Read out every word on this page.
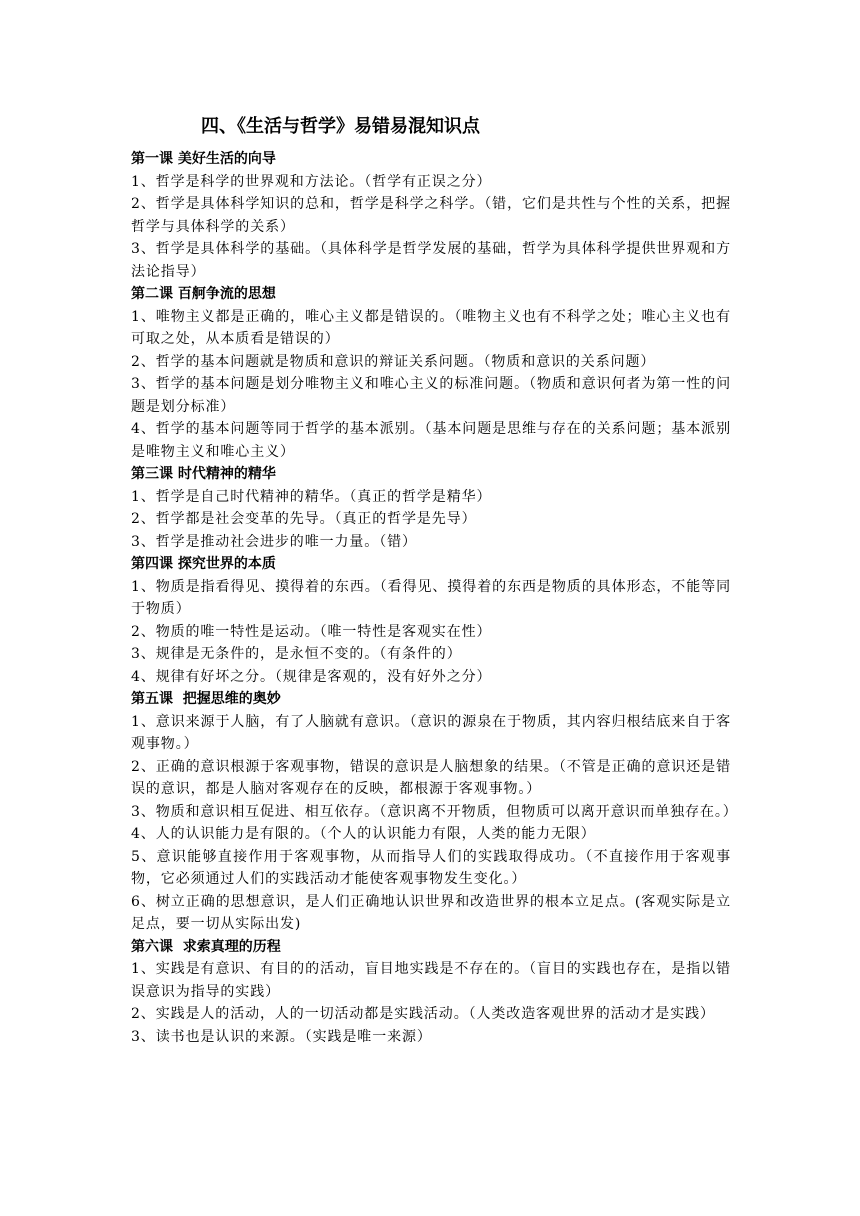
四、《生活与哲学》易错易混知识点
第一课 美好生活的向导
1、哲学是科学的世界观和方法论。（哲学有正误之分）
2、哲学是具体科学知识的总和，哲学是科学之科学。（错，它们是共性与个性的关系，把握哲学与具体科学的关系）
3、哲学是具体科学的基础。（具体科学是哲学发展的基础，哲学为具体科学提供世界观和方法论指导）
第二课 百舸争流的思想
1、唯物主义都是正确的，唯心主义都是错误的。（唯物主义也有不科学之处；唯心主义也有可取之处，从本质看是错误的）
2、哲学的基本问题就是物质和意识的辩证关系问题。（物质和意识的关系问题）
3、哲学的基本问题是划分唯物主义和唯心主义的标准问题。（物质和意识何者为第一性的问题是划分标准）
4、哲学的基本问题等同于哲学的基本派别。（基本问题是思维与存在的关系问题；基本派别是唯物主义和唯心主义）
第三课 时代精神的精华
1、哲学是自己时代精神的精华。（真正的哲学是精华）
2、哲学都是社会变革的先导。（真正的哲学是先导）
3、哲学是推动社会进步的唯一力量。（错）
第四课 探究世界的本质
1、物质是指看得见、摸得着的东西。（看得见、摸得着的东西是物质的具体形态，不能等同于物质）
2、物质的唯一特性是运动。（唯一特性是客观实在性）
3、规律是无条件的，是永恒不变的。（有条件的）
4、规律有好坏之分。（规律是客观的，没有好外之分）
第五课  把握思维的奥妙
1、意识来源于人脑，有了人脑就有意识。（意识的源泉在于物质，其内容归根结底来自于客观事物。）
2、正确的意识根源于客观事物，错误的意识是人脑想象的结果。（不管是正确的意识还是错误的意识，都是人脑对客观存在的反映，都根源于客观事物。）
3、物质和意识相互促进、相互依存。（意识离不开物质，但物质可以离开意识而单独存在。）
4、人的认识能力是有限的。（个人的认识能力有限，人类的能力无限）
5、意识能够直接作用于客观事物，从而指导人们的实践取得成功。（不直接作用于客观事物，它必须通过人们的实践活动才能使客观事物发生变化。）
6、树立正确的思想意识，是人们正确地认识世界和改造世界的根本立足点。(客观实际是立足点，要一切从实际出发)
第六课  求索真理的历程
1、实践是有意识、有目的的活动，盲目地实践是不存在的。（盲目的实践也存在，是指以错误意识为指导的实践）
2、实践是人的活动，人的一切活动都是实践活动。（人类改造客观世界的活动才是实践）
3、读书也是认识的来源。（实践是唯一来源）
